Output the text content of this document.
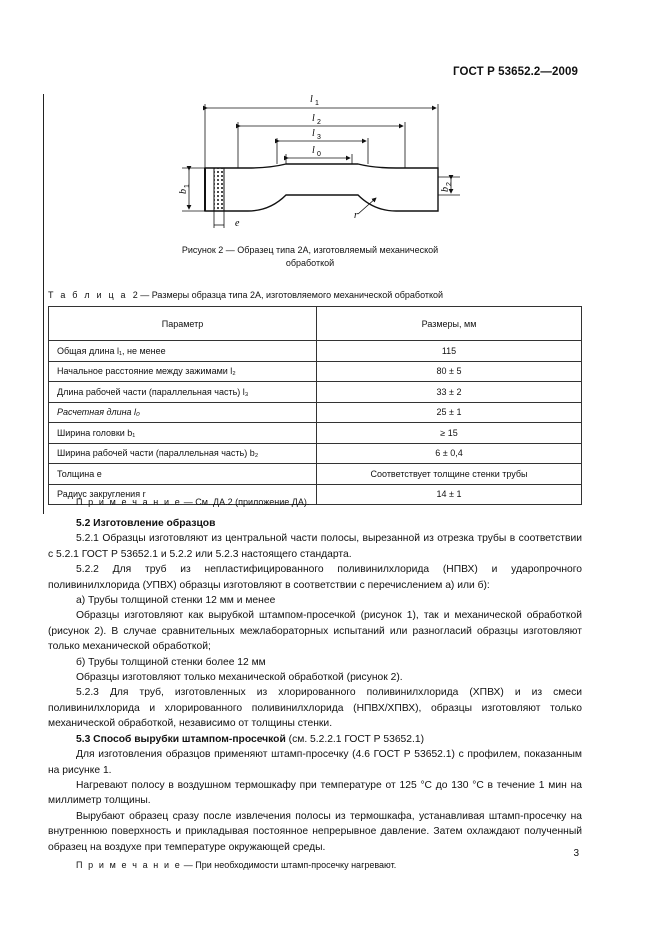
ГОСТ Р 53652.2—2009
l 1
l 2
l 3
l 0
b
1
b
2
e
r
Рисунок 2 — Образец типа 2А, изготовляемый механической
обработкой
Т а б л и ц а 2 — Размеры образца типа 2А, изготовляемого механической обработкой
Параметр	Размеры, мм
Общая длина l₁, не менее	115
Начальное расстояние между зажимами l₂	80 ± 5
Длина рабочей части (параллельная часть) l₃	33 ± 2
Расчетная длина l₀	25 ± 1
Ширина головки b₁	≥ 15
Ширина рабочей части (параллельная часть) b₂	6 ± 0,4
Толщина e	Соответствует толщине стенки трубы
Радиус закругления r	14 ± 1
П р и м е ч а н и е — См. ДА.2 (приложение ДА).

5.2 Изготовление образцов

5.2.1 Образцы изготовляют из центральной части полосы, вырезанной из отрезка трубы в соответствии с 5.2.1 ГОСТ Р 53652.1 и 5.2.2 или 5.2.3 настоящего стандарта.

5.2.2 Для труб из непластифицированного поливинилхлорида (НПВХ) и ударопрочного поливинилхлорида (УПВХ) образцы изготовляют в соответствии с перечислением а) или б):

а) Трубы толщиной стенки 12 мм и менее

Образцы изготовляют как вырубкой штампом-просечкой (рисунок 1), так и механической обработкой (рисунок 2). В случае сравнительных межлабораторных испытаний или разногласий образцы изготовляют только механической обработкой;

б) Трубы толщиной стенки более 12 мм

Образцы изготовляют только механической обработкой (рисунок 2).

5.2.3 Для труб, изготовленных из хлорированного поливинилхлорида (ХПВХ) и из смеси поливинилхлорида и хлорированного поливинилхлорида (НПВХ/ХПВХ), образцы изготовляют только механической обработкой, независимо от толщины стенки.

5.3 Способ вырубки штампом-просечкой (см. 5.2.2.1 ГОСТ Р 53652.1)

Для изготовления образцов применяют штамп-просечку (4.6 ГОСТ Р 53652.1) с профилем, показанным на рисунке 1.

Нагревают полосу в воздушном термошкафу при температуре от 125 °С до 130 °С в течение 1 мин на миллиметр толщины.

Вырубают образец сразу после извлечения полосы из термошкафа, устанавливая штамп-просечку на внутреннюю поверхность и прикладывая постоянное непрерывное давление. Затем охлаждают полученный образец на воздухе при температуре окружающей среды.

П р и м е ч а н и е — При необходимости штамп-просечку нагревают.

3
